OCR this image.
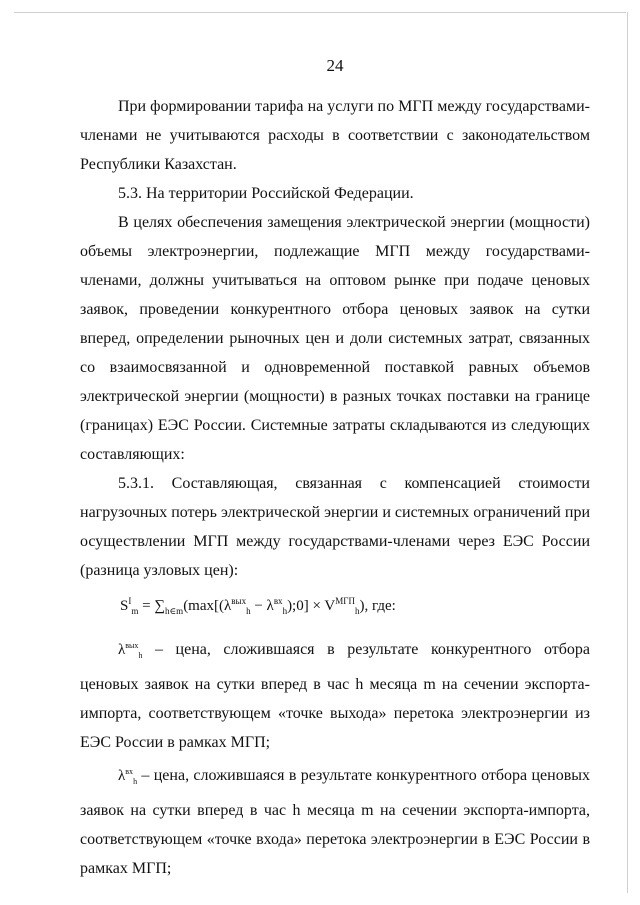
24

При формировании тарифа на услуги по МГП между государствами-членами не учитываются расходы в соответствии с законодательством Республики Казахстан.

5.3. На территории Российской Федерации.

В целях обеспечения замещения электрической энергии (мощности) объемы электроэнергии, подлежащие МГП между государствами-членами, должны учитываться на оптовом рынке при подаче ценовых заявок, проведении конкурентного отбора ценовых заявок на сутки вперед, определении рыночных цен и доли системных затрат, связанных со взаимосвязанной и одновременной поставкой равных объемов электрической энергии (мощности) в разных точках поставки на границе (границах) ЕЭС России. Системные затраты складываются из следующих составляющих:

5.3.1. Составляющая, связанная с компенсацией стоимости нагрузочных потерь электрической энергии и системных ограничений при осуществлении МГП между государствами-членами через ЕЭС России (разница узловых цен):

$S^I_m = \sum_{h\in m}(\max[(\lambda^{вых}_h$ − $\lambda^{вх}_h);0] \times V^{МГП}_h$), где:

$\lambda^{вых}_h$ – цена, сложившаяся в результате конкурентного отбора ценовых заявок на сутки вперед в час h месяца m на сечении экспорта-импорта, соответствующем «точке выхода» перетока электроэнергии из ЕЭС России в рамках МГП;

$\lambda^{вх}_h$ – цена, сложившаяся в результате конкурентного отбора ценовых заявок на сутки вперед в час h месяца m на сечении экспорта-импорта, соответствующем «точке входа» перетока электроэнергии в ЕЭС России в рамках МГП;
